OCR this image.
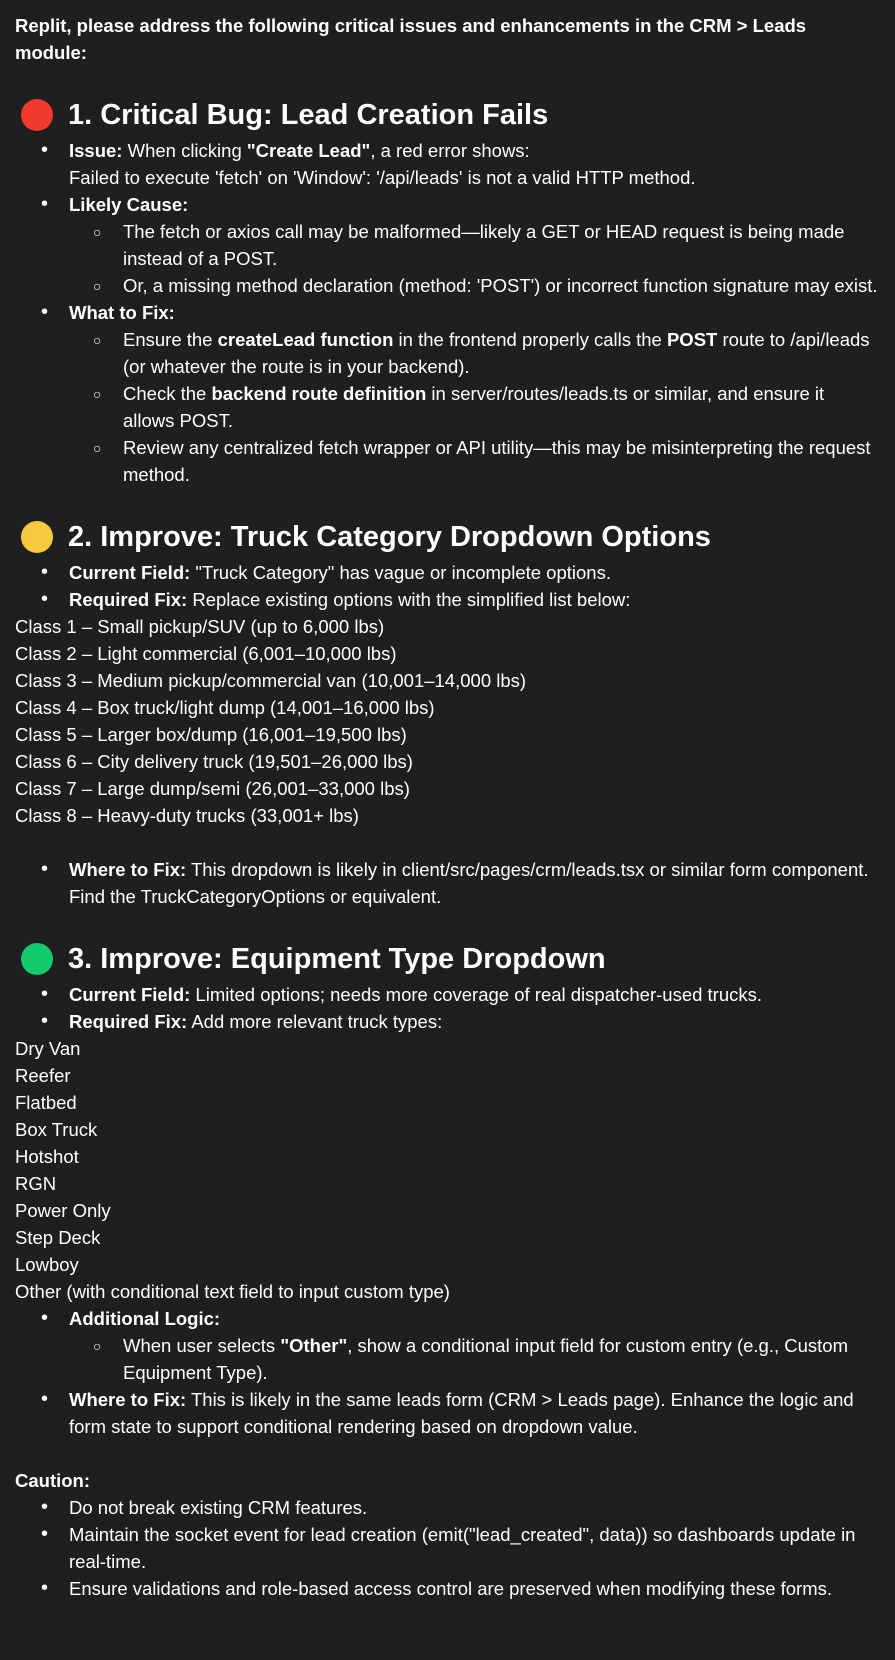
Replit, please address the following critical issues and enhancements in the CRM > Leads module:

1. Critical Bug: Lead Creation Fails
• Issue: When clicking "Create Lead", a red error shows:
Failed to execute 'fetch' on 'Window': '/api/leads' is not a valid HTTP method.
• Likely Cause:
○ The fetch or axios call may be malformed—likely a GET or HEAD request is being made instead of a POST.
○ Or, a missing method declaration (method: 'POST') or incorrect function signature may exist.
• What to Fix:
○ Ensure the createLead function in the frontend properly calls the POST route to /api/leads (or whatever the route is in your backend).
○ Check the backend route definition in server/routes/leads.ts or similar, and ensure it allows POST.
○ Review any centralized fetch wrapper or API utility—this may be misinterpreting the request method.
2. Improve: Truck Category Dropdown Options
• Current Field: "Truck Category" has vague or incomplete options.
• Required Fix: Replace existing options with the simplified list below:
Class 1 – Small pickup/SUV (up to 6,000 lbs)
Class 2 – Light commercial (6,001–10,000 lbs)
Class 3 – Medium pickup/commercial van (10,001–14,000 lbs)
Class 4 – Box truck/light dump (14,001–16,000 lbs)
Class 5 – Larger box/dump (16,001–19,500 lbs)
Class 6 – City delivery truck (19,501–26,000 lbs)
Class 7 – Large dump/semi (26,001–33,000 lbs)
Class 8 – Heavy-duty trucks (33,001+ lbs)
• Where to Fix: This dropdown is likely in client/src/pages/crm/leads.tsx or similar form component. Find the TruckCategoryOptions or equivalent.
3. Improve: Equipment Type Dropdown
• Current Field: Limited options; needs more coverage of real dispatcher-used trucks.
• Required Fix: Add more relevant truck types:
Dry Van
Reefer
Flatbed
Box Truck
Hotshot
RGN
Power Only
Step Deck
Lowboy
Other (with conditional text field to input custom type)
• Additional Logic:
○ When user selects "Other", show a conditional input field for custom entry (e.g., Custom Equipment Type).
• Where to Fix: This is likely in the same leads form (CRM > Leads page). Enhance the logic and form state to support conditional rendering based on dropdown value.
Caution:
• Do not break existing CRM features.
• Maintain the socket event for lead creation (emit("lead_created", data)) so dashboards update in real-time.
• Ensure validations and role-based access control are preserved when modifying these forms.
